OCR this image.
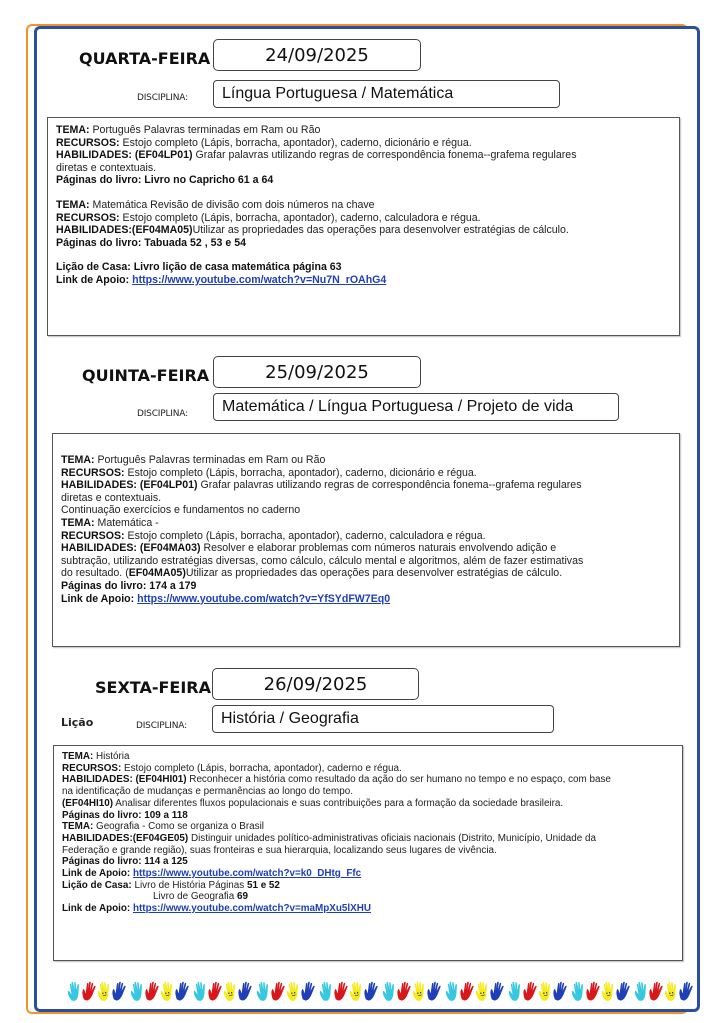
QUARTA-FEIRA	24/09/2025
DISCIPLINA:	Língua Portuguesa / Matemática
TEMA: Português Palavras terminadas em Ram ou Rão
RECURSOS: Estojo completo (Lápis, borracha, apontador), caderno, dicionário e régua.
HABILIDADES: (EF04LP01) Grafar palavras utilizando regras de correspondência fonema--grafema regulares
diretas e contextuais.
Páginas do livro: Livro no Capricho 61 a 64
TEMA: Matemática Revisão de divisão com dois números na chave
RECURSOS: Estojo completo (Lápis, borracha, apontador), caderno, calculadora e régua.
HABILIDADES:(EF04MA05)Utilizar as propriedades das operações para desenvolver estratégias de cálculo.
Páginas do livro: Tabuada 52 , 53 e 54
Lição de Casa: Livro lição de casa matemática página 63
Link de Apoio: https://www.youtube.com/watch?v=Nu7N_rOAhG4
QUINTA-FEIRA	25/09/2025
DISCIPLINA:	Matemática / Língua Portuguesa / Projeto de vida
TEMA: Português Palavras terminadas em Ram ou Rão
RECURSOS: Estojo completo (Lápis, borracha, apontador), caderno, dicionário e régua.
HABILIDADES: (EF04LP01) Grafar palavras utilizando regras de correspondência fonema--grafema regulares
diretas e contextuais.
Continuação exercícios e fundamentos no caderno
TEMA: Matemática -
RECURSOS: Estojo completo (Lápis, borracha, apontador), caderno, calculadora e régua.
HABILIDADES: (EF04MA03) Resolver e elaborar problemas com números naturais envolvendo adição e
subtração, utilizando estratégias diversas, como cálculo, cálculo mental e algoritmos, além de fazer estimativas
do resultado. (EF04MA05)Utilizar as propriedades das operações para desenvolver estratégias de cálculo.
Páginas do livro: 174 a 179
Link de Apoio: https://www.youtube.com/watch?v=YfSYdFW7Eq0
SEXTA-FEIRA	26/09/2025
Lição	DISCIPLINA:	História / Geografia
TEMA: História
RECURSOS: Estojo completo (Lápis, borracha, apontador), caderno e régua.
HABILIDADES: (EF04HI01) Reconhecer a história como resultado da ação do ser humano no tempo e no espaço, com base
na identificação de mudanças e permanências ao longo do tempo.
(EF04HI10) Analisar diferentes fluxos populacionais e suas contribuições para a formação da sociedade brasileira.
Páginas do livro: 109 a 118
TEMA: Geografia - Como se organiza o Brasil
HABILIDADES:(EF04GE05) Distinguir unidades político-administrativas oficiais nacionais (Distrito, Município, Unidade da
Federação e grande região), suas fronteiras e sua hierarquia, localizando seus lugares de vivência.
Páginas do livro: 114 a 125
Link de Apoio: https://www.youtube.com/watch?v=k0_DHtg_Ffc
Lição de Casa: Livro de História Páginas 51 e 52
Livro de Geografia 69
Link de Apoio: https://www.youtube.com/watch?v=maMpXu5lXHU
